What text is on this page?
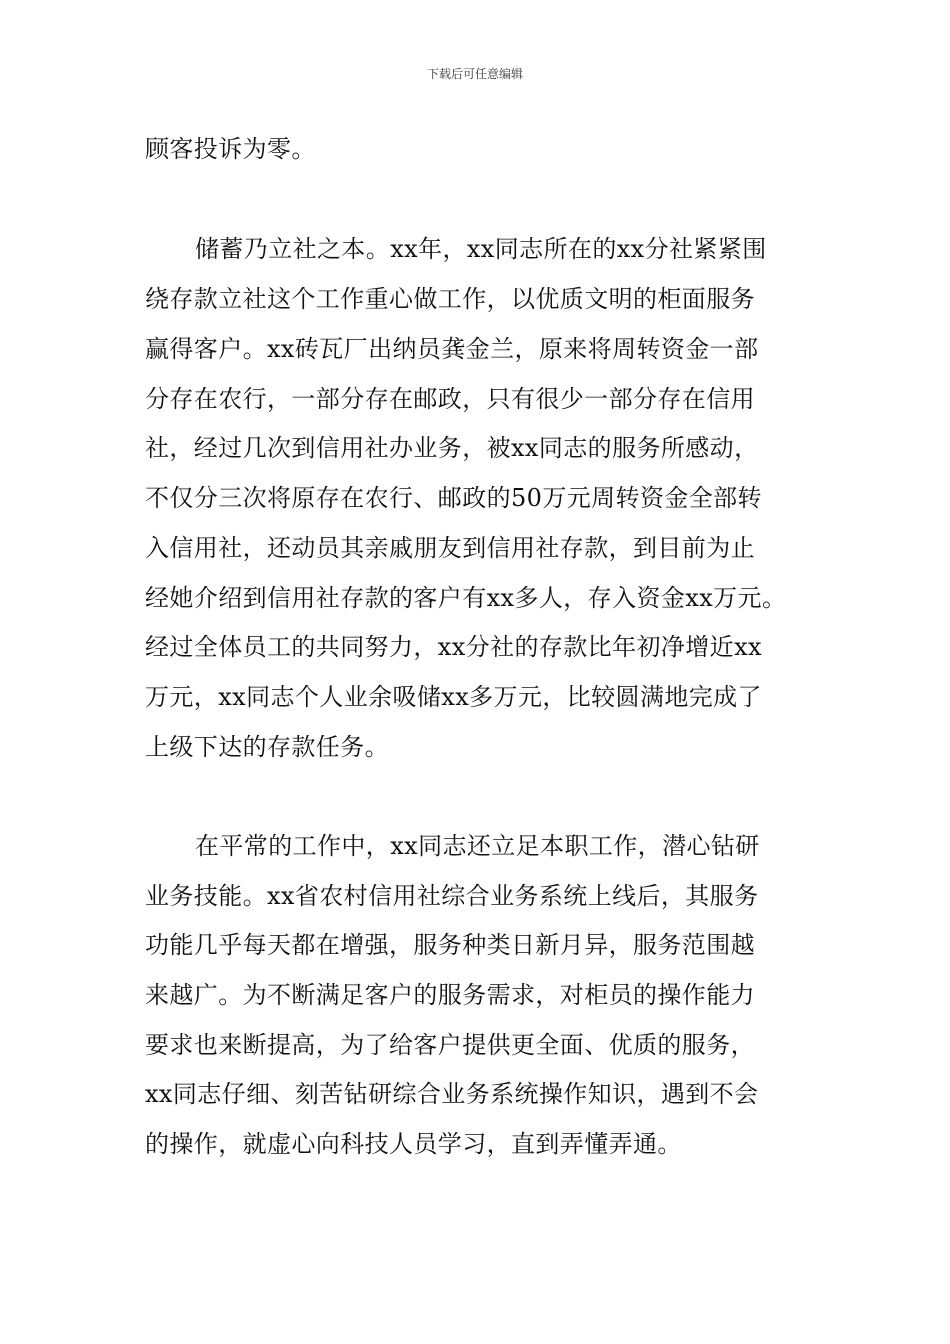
下载后可任意编辑
顾客投诉为零。
储蓄乃立社之本。xx年，xx同志所在的xx分社紧紧围
绕存款立社这个工作重心做工作，以优质文明的柜面服务
赢得客户。xx砖瓦厂出纳员龚金兰，原来将周转资金一部
分存在农行，一部分存在邮政，只有很少一部分存在信用
社，经过几次到信用社办业务，被xx同志的服务所感动，
不仅分三次将原存在农行、邮政的50万元周转资金全部转
入信用社，还动员其亲戚朋友到信用社存款，到目前为止
经她介绍到信用社存款的客户有xx多人，存入资金xx万元。
经过全体员工的共同努力，xx分社的存款比年初净增近xx
万元，xx同志个人业余吸储xx多万元，比较圆满地完成了
上级下达的存款任务。
在平常的工作中，xx同志还立足本职工作，潜心钻研
业务技能。xx省农村信用社综合业务系统上线后，其服务
功能几乎每天都在增强，服务种类日新月异，服务范围越
来越广。为不断满足客户的服务需求，对柜员的操作能力
要求也来断提高，为了给客户提供更全面、优质的服务，
xx同志仔细、刻苦钻研综合业务系统操作知识，遇到不会
的操作，就虚心向科技人员学习，直到弄懂弄通。
